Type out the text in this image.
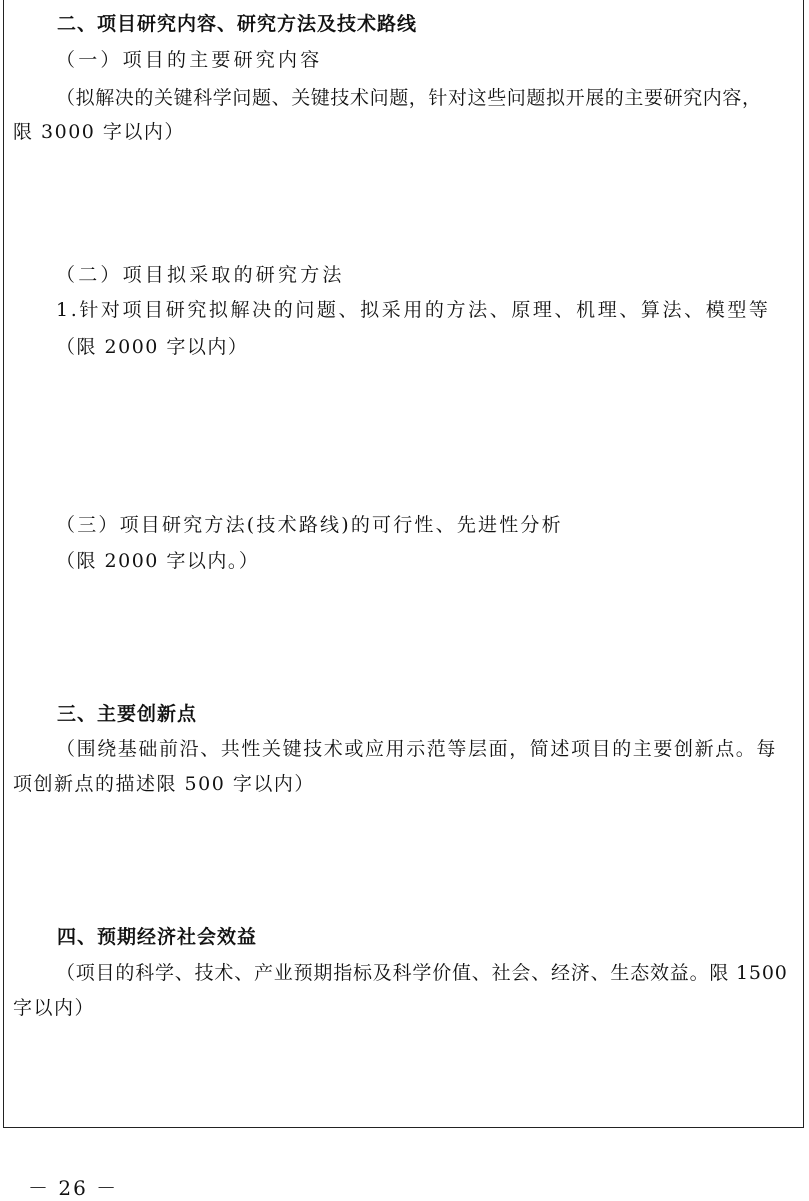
二、项目研究内容、研究方法及技术路线
（一）项目的主要研究内容
（拟解决的关键科学问题、关键技术问题，针对这些问题拟开展的主要研究内容，
限 3000 字以内）
（二）项目拟采取的研究方法
1.针对项目研究拟解决的问题、拟采用的方法、原理、机理、算法、模型等
（限 2000 字以内）
（三）项目研究方法(技术路线)的可行性、先进性分析
（限 2000 字以内。）
三、主要创新点
（围绕基础前沿、共性关键技术或应用示范等层面，简述项目的主要创新点。每
项创新点的描述限 500 字以内）
四、预期经济社会效益
（项目的科学、技术、产业预期指标及科学价值、社会、经济、生态效益。限 1500
字以内）
－ 26 －
